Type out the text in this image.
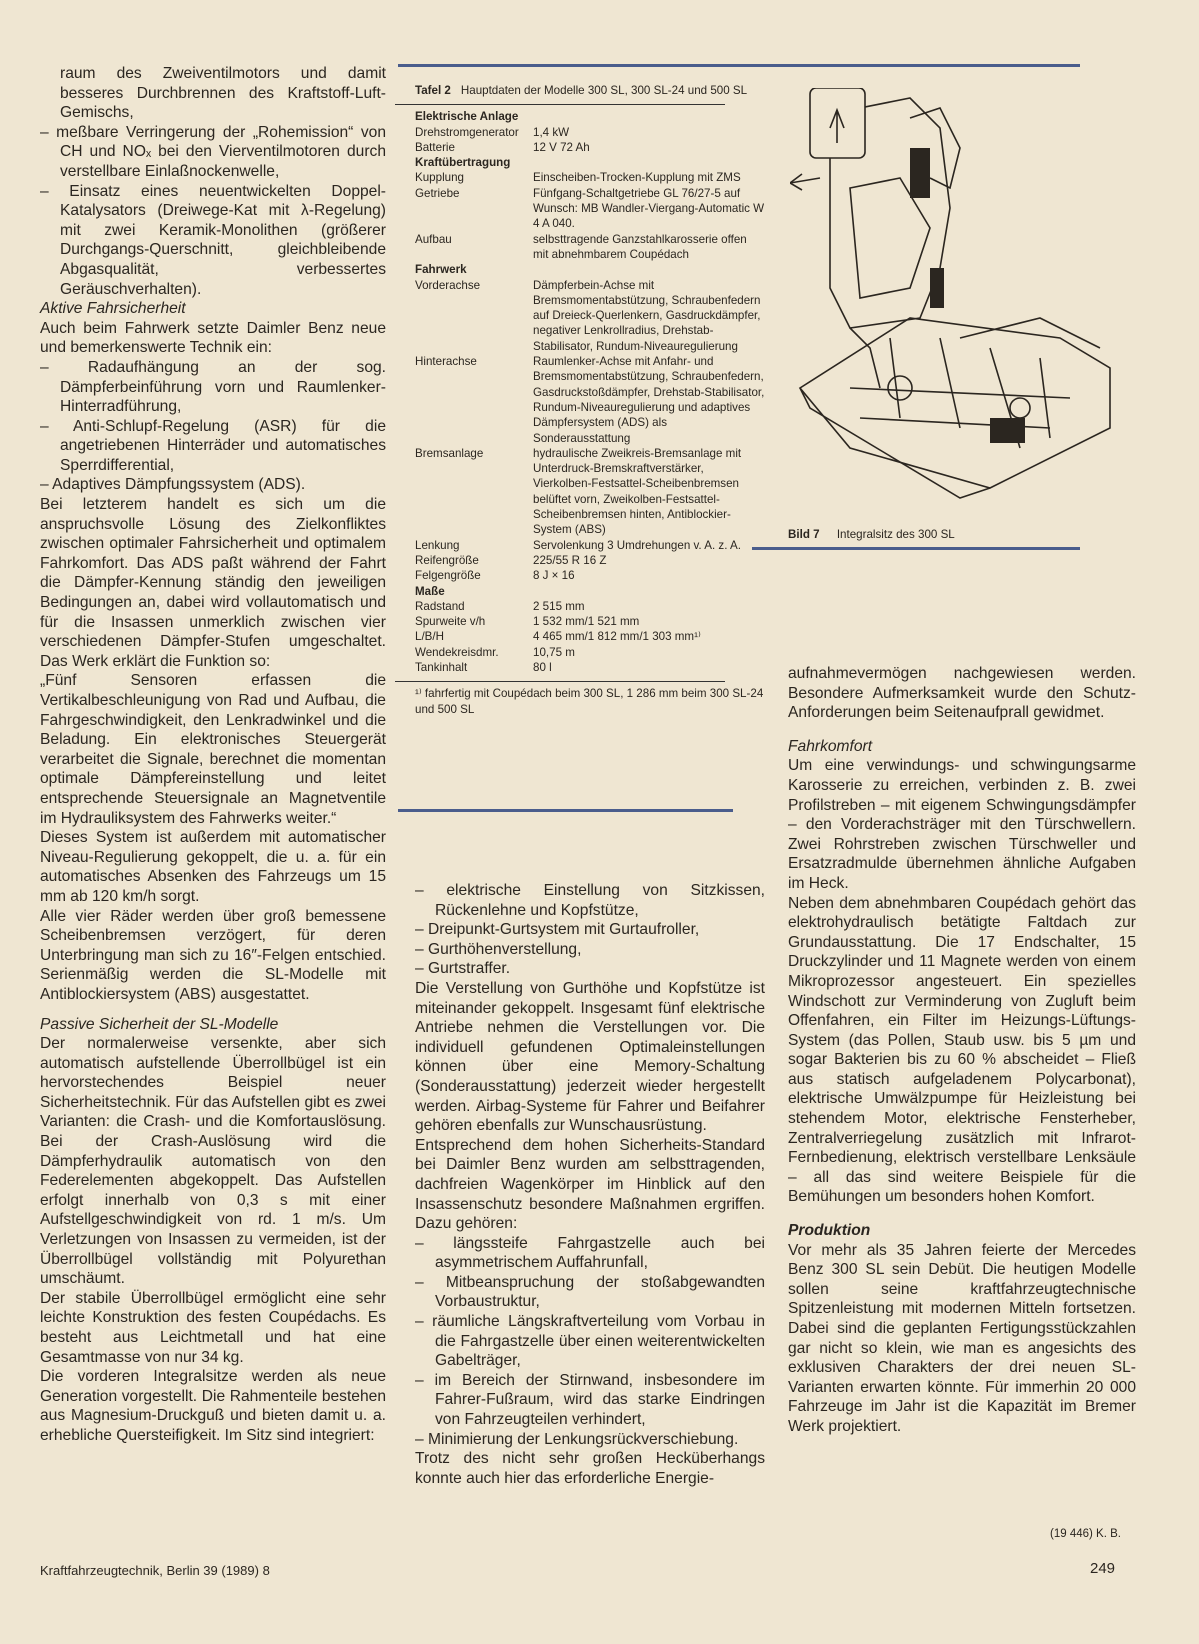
raum des Zweiventilmotors und damit besseres Durchbrennen des Kraftstoff-Luft-Gemischs,

– meßbare Verringerung der „Rohemission“ von CH und NOₓ bei den Vierventilmotoren durch verstellbare Einlaßnockenwelle,

– Einsatz eines neuentwickelten Doppel-Katalysators (Dreiwege-Kat mit λ-Regelung) mit zwei Keramik-Monolithen (größerer Durchgangs-Querschnitt, gleichbleibende Abgasqualität, verbessertes Geräuschverhalten).

Aktive Fahrsicherheit

Auch beim Fahrwerk setzte Daimler Benz neue und bemerkenswerte Technik ein:

– Radaufhängung an der sog. Dämpferbeinführung vorn und Raumlenker-Hinterradführung,

– Anti-Schlupf-Regelung (ASR) für die angetriebenen Hinterräder und automatisches Sperrdifferential,

– Adaptives Dämpfungssystem (ADS).

Bei letzterem handelt es sich um die anspruchsvolle Lösung des Zielkonfliktes zwischen optimaler Fahrsicherheit und optimalem Fahrkomfort. Das ADS paßt während der Fahrt die Dämpfer-Kennung ständig den jeweiligen Bedingungen an, dabei wird vollautomatisch und für die Insassen unmerklich zwischen vier verschiedenen Dämpfer-Stufen umgeschaltet. Das Werk erklärt die Funktion so:

„Fünf Sensoren erfassen die Vertikalbeschleunigung von Rad und Aufbau, die Fahrgeschwindigkeit, den Lenkradwinkel und die Beladung. Ein elektronisches Steuergerät verarbeitet die Signale, berechnet die momentan optimale Dämpfereinstellung und leitet entsprechende Steuersignale an Magnetventile im Hydrauliksystem des Fahrwerks weiter.“

Dieses System ist außerdem mit automatischer Niveau-Regulierung gekoppelt, die u. a. für ein automatisches Absenken des Fahrzeugs um 15 mm ab 120 km/h sorgt.

Alle vier Räder werden über groß bemessene Scheibenbremsen verzögert, für deren Unterbringung man sich zu 16″-Felgen entschied. Serienmäßig werden die SL-Modelle mit Antiblockiersystem (ABS) ausgestattet.

Passive Sicherheit der SL-Modelle

Der normalerweise versenkte, aber sich automatisch aufstellende Überrollbügel ist ein hervorstechendes Beispiel neuer Sicherheitstechnik. Für das Aufstellen gibt es zwei Varianten: die Crash- und die Komfortauslösung. Bei der Crash-Auslösung wird die Dämpferhydraulik automatisch von den Federelementen abgekoppelt. Das Aufstellen erfolgt innerhalb von 0,3 s mit einer Aufstellgeschwindigkeit von rd. 1 m/s. Um Verletzungen von Insassen zu vermeiden, ist der Überrollbügel vollständig mit Polyurethan umschäumt.

Der stabile Überrollbügel ermöglicht eine sehr leichte Konstruktion des festen Coupédachs. Es besteht aus Leichtmetall und hat eine Gesamtmasse von nur 34 kg.

Die vorderen Integralsitze werden als neue Generation vorgestellt. Die Rahmenteile bestehen aus Magnesium-Druckguß und bieten damit u. a. erhebliche Quersteifigkeit. Im Sitz sind integriert:

Tafel 2 Hauptdaten der Modelle 300 SL, 300 SL-24 und 500 SL
Elektrische Anlage
Drehstromgenerator	1,4 kW
Batterie	12 V 72 Ah
Kraftübertragung
Kupplung	Einscheiben-Trocken-Kupplung mit ZMS
Getriebe	Fünfgang-Schaltgetriebe GL 76/27-5 auf Wunsch: MB Wandler-Viergang-Automatic W 4 A 040.
Aufbau	selbsttragende Ganzstahlkarosserie offen mit abnehmbarem Coupédach
Fahrwerk
Vorderachse	Dämpferbein-Achse mit Bremsmomentabstützung, Schraubenfedern auf Dreieck-Querlenkern, Gasdruckdämpfer, negativer Lenkrollradius, Drehstab-Stabilisator, Rundum-Niveauregulierung
Hinterachse	Raumlenker-Achse mit Anfahr- und Bremsmomentabstützung, Schraubenfedern, Gasdruckstoßdämpfer, Drehstab-Stabilisator, Rundum-Niveauregulierung und adaptives Dämpfersystem (ADS) als Sonderausstattung
Bremsanlage	hydraulische Zweikreis-Bremsanlage mit Unterdruck-Bremskraftverstärker, Vierkolben-Festsattel-Scheibenbremsen belüftet vorn, Zweikolben-Festsattel-Scheibenbremsen hinten, Antiblockier-System (ABS)
Lenkung	Servolenkung 3 Umdrehungen v. A. z. A.
Reifengröße	225/55 R 16 Z
Felgengröße	8 J × 16
Maße
Radstand	2 515 mm
Spurweite v/h	1 532 mm/1 521 mm
L/B/H	4 465 mm/1 812 mm/1 303 mm¹⁾
Wendekreisdmr.	10,75 m
Tankinhalt	80 l
¹⁾ fahrfertig mit Coupédach beim 300 SL, 1 286 mm beim 300 SL-24 und 500 SL
Bild 7 Integralsitz des 300 SL

– elektrische Einstellung von Sitzkissen, Rückenlehne und Kopfstütze,

– Dreipunkt-Gurtsystem mit Gurtaufroller,

– Gurthöhenverstellung,

– Gurtstraffer.

Die Verstellung von Gurthöhe und Kopfstütze ist miteinander gekoppelt. Insgesamt fünf elektrische Antriebe nehmen die Verstellungen vor. Die individuell gefundenen Optimaleinstellungen können über eine Memory-Schaltung (Sonderausstattung) jederzeit wieder hergestellt werden. Airbag-Systeme für Fahrer und Beifahrer gehören ebenfalls zur Wunschausrüstung.

Entsprechend dem hohen Sicherheits-Standard bei Daimler Benz wurden am selbsttragenden, dachfreien Wagenkörper im Hinblick auf den Insassenschutz besondere Maßnahmen ergriffen. Dazu gehören:

– längssteife Fahrgastzelle auch bei asymmetrischem Auffahrunfall,

– Mitbeanspruchung der stoßabgewandten Vorbaustruktur,

– räumliche Längskraftverteilung vom Vorbau in die Fahrgastzelle über einen weiterentwickelten Gabelträger,

– im Bereich der Stirnwand, insbesondere im Fahrer-Fußraum, wird das starke Eindringen von Fahrzeugteilen verhindert,

– Minimierung der Lenkungsrückverschiebung.

Trotz des nicht sehr großen Hecküberhangs konnte auch hier das erforderliche Energie-

aufnahmevermögen nachgewiesen werden. Besondere Aufmerksamkeit wurde den Schutz-Anforderungen beim Seitenaufprall gewidmet.

Fahrkomfort

Um eine verwindungs- und schwingungsarme Karosserie zu erreichen, verbinden z. B. zwei Profilstreben – mit eigenem Schwingungsdämpfer – den Vorderachsträger mit den Türschwellern. Zwei Rohrstreben zwischen Türschweller und Ersatzradmulde übernehmen ähnliche Aufgaben im Heck.

Neben dem abnehmbaren Coupédach gehört das elektrohydraulisch betätigte Faltdach zur Grundausstattung. Die 17 Endschalter, 15 Druckzylinder und 11 Magnete werden von einem Mikroprozessor angesteuert. Ein spezielles Windschott zur Verminderung von Zugluft beim Offenfahren, ein Filter im Heizungs-Lüftungs-System (das Pollen, Staub usw. bis 5 µm und sogar Bakterien bis zu 60 % abscheidet – Fließ aus statisch aufgeladenem Polycarbonat), elektrische Umwälzpumpe für Heizleistung bei stehendem Motor, elektrische Fensterheber, Zentralverriegelung zusätzlich mit Infrarot-Fernbedienung, elektrisch verstellbare Lenksäule – all das sind weitere Beispiele für die Bemühungen um besonders hohen Komfort.

Produktion

Vor mehr als 35 Jahren feierte der Mercedes Benz 300 SL sein Debüt. Die heutigen Modelle sollen seine kraftfahrzeugtechnische Spitzenleistung mit modernen Mitteln fortsetzen. Dabei sind die geplanten Fertigungsstückzahlen gar nicht so klein, wie man es angesichts des exklusiven Charakters der drei neuen SL-Varianten erwarten könnte. Für immerhin 20 000 Fahrzeuge im Jahr ist die Kapazität im Bremer Werk projektiert.

(19 446) K. B.
Kraftfahrzeugtechnik, Berlin 39 (1989) 8	249
